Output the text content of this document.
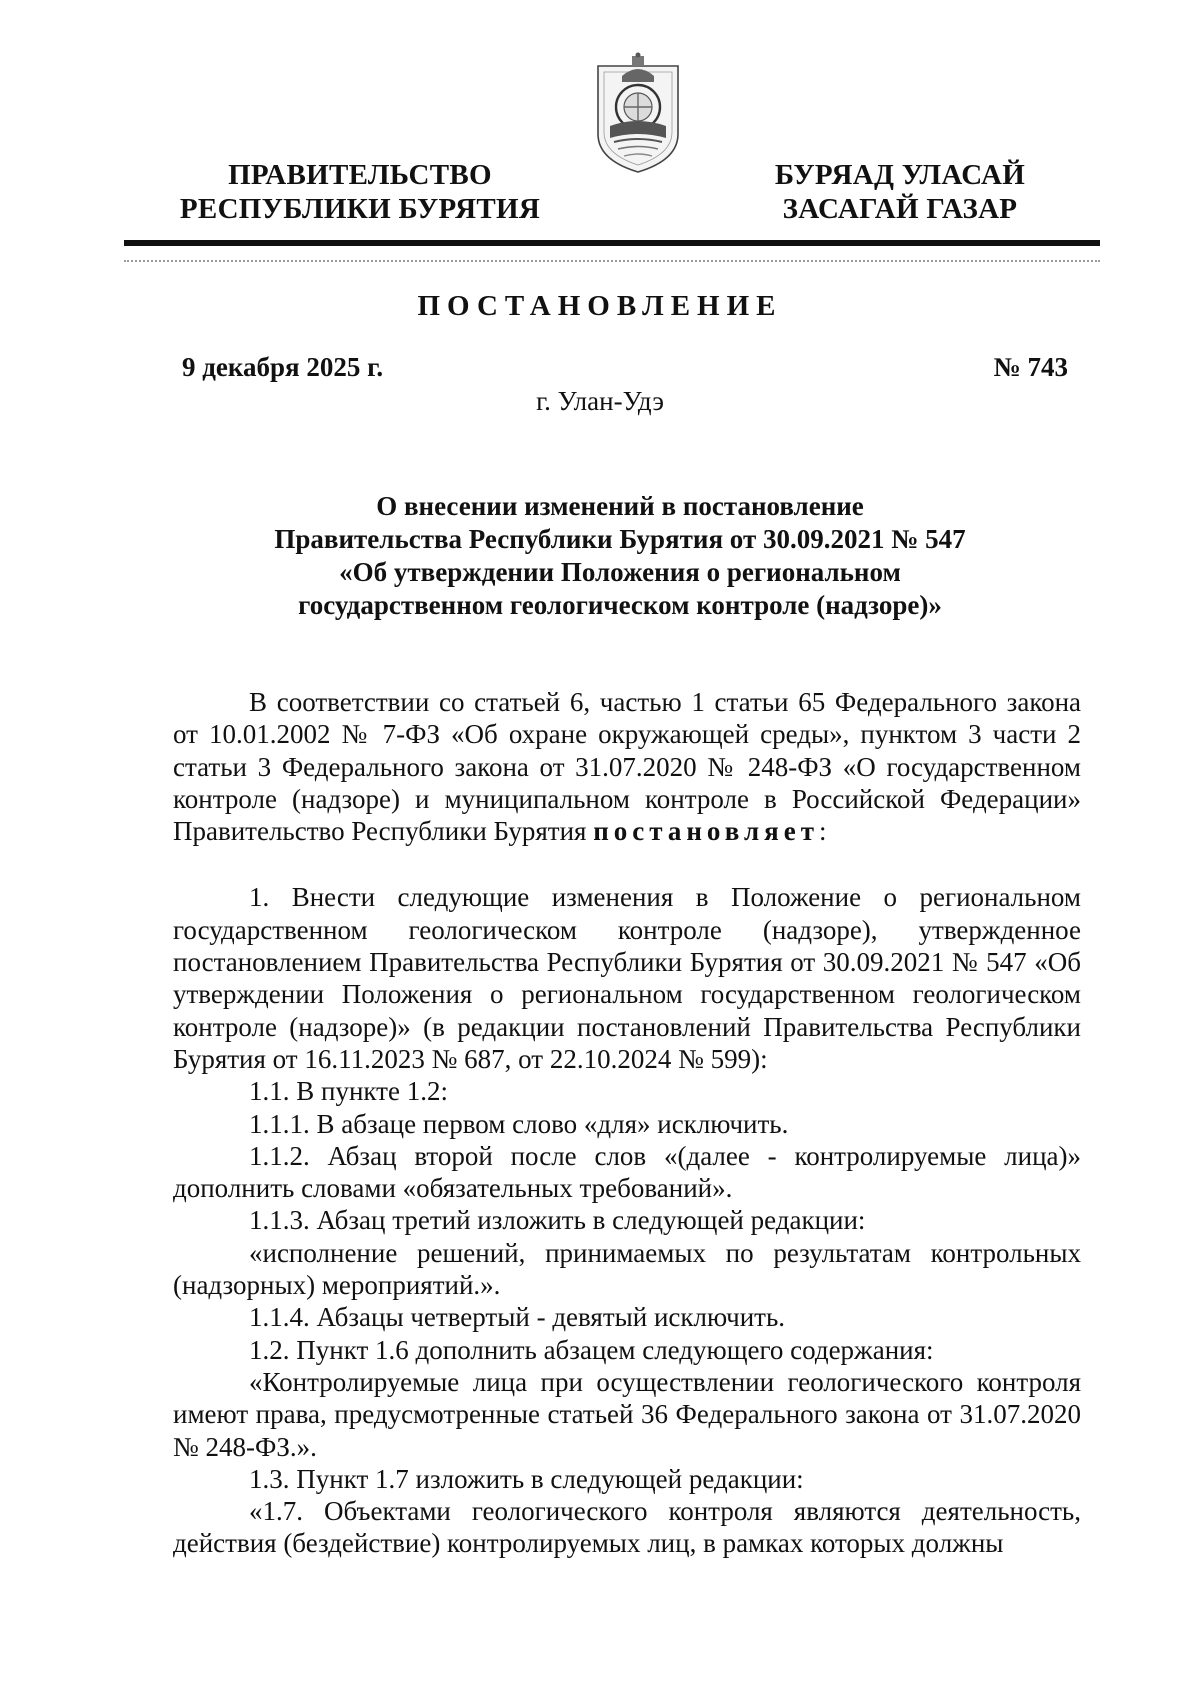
ПРАВИТЕЛЬСТВО
РЕСПУБЛИКИ БУРЯТИЯ
БУРЯАД УЛАСАЙ
ЗАСАГАЙ ГАЗАР
ПОСТАНОВЛЕНИЕ
9 декабря 2025 г.	№ 743
г. Улан-Удэ
О внесении изменений в постановление
Правительства Республики Бурятия от 30.09.2021 № 547
«Об утверждении Положения о региональном
государственном геологическом контроле (надзоре)»

В соответствии со статьей 6, частью 1 статьи 65 Федерального закона от 10.01.2002 № 7-ФЗ «Об охране окружающей среды», пунктом 3 части 2 статьи 3 Федерального закона от 31.07.2020 № 248-ФЗ «О государственном контроле (надзоре) и муниципальном контроле в Российской Федерации» Правительство Республики Бурятия постановляет:

1. Внести следующие изменения в Положение о региональном государственном геологическом контроле (надзоре), утвержденное постановлением Правительства Республики Бурятия от 30.09.2021 № 547 «Об утверждении Положения о региональном государственном геологическом контроле (надзоре)» (в редакции постановлений Правительства Республики Бурятия от 16.11.2023 № 687, от 22.10.2024 № 599):

1.1. В пункте 1.2:

1.1.1. В абзаце первом слово «для» исключить.

1.1.2. Абзац второй после слов «(далее - контролируемые лица)» дополнить словами «обязательных требований».

1.1.3. Абзац третий изложить в следующей редакции:

«исполнение решений, принимаемых по результатам контрольных (надзорных) мероприятий.».

1.1.4. Абзацы четвертый - девятый исключить.

1.2. Пункт 1.6 дополнить абзацем следующего содержания:

«Контролируемые лица при осуществлении геологического контроля имеют права, предусмотренные статьей 36 Федерального закона от 31.07.2020 № 248-ФЗ.».

1.3. Пункт 1.7 изложить в следующей редакции:

«1.7. Объектами геологического контроля являются деятельность, действия (бездействие) контролируемых лиц, в рамках которых должны
